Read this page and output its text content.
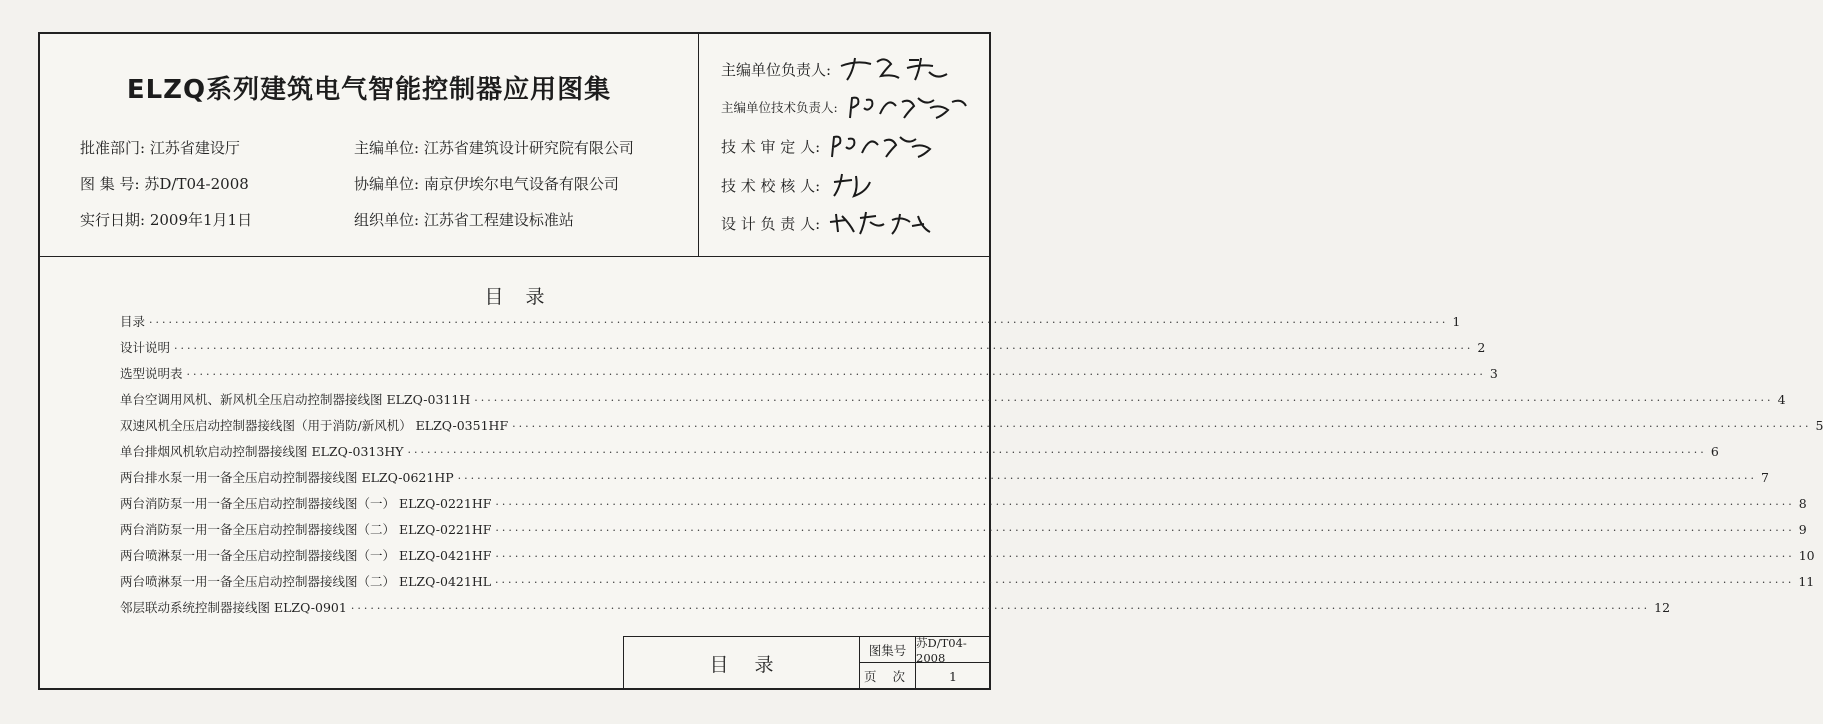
ELZQ系列建筑电气智能控制器应用图集
批准部门: 江苏省建设厅
图 集 号: 苏D/T04-2008
实行日期: 2009年1月1日
主编单位: 江苏省建筑设计研究院有限公司
协编单位: 南京伊埃尔电气设备有限公司
组织单位: 江苏省工程建设标准站
主编单位负责人:
主编单位技术负责人:
技 术 审 定 人:
技 术 校 核 人:
设 计 负 责 人:
目录
目录 ········································································································································································································ 1
设计说明 ········································································································································································································ 2
选型说明表 ········································································································································································································ 3
单台空调用风机、新风机全压启动控制器接线图 ELZQ-0311H ········································································································································································································ 4
双速风机全压启动控制器接线图（用于消防/新风机） ELZQ-0351HF ········································································································································································································ 5
单台排烟风机软启动控制器接线图 ELZQ-0313HY ········································································································································································································ 6
两台排水泵一用一备全压启动控制器接线图 ELZQ-0621HP ········································································································································································································ 7
两台消防泵一用一备全压启动控制器接线图（一） ELZQ-0221HF ········································································································································································································ 8
两台消防泵一用一备全压启动控制器接线图（二） ELZQ-0221HF ········································································································································································································ 9
两台喷淋泵一用一备全压启动控制器接线图（一） ELZQ-0421HF ········································································································································································································ 10
两台喷淋泵一用一备全压启动控制器接线图（二） ELZQ-0421HL ········································································································································································································ 11
邻层联动系统控制器接线图 ELZQ-0901 ········································································································································································································ 12
目录
图集号 苏D/T04-2008
页 次	1
